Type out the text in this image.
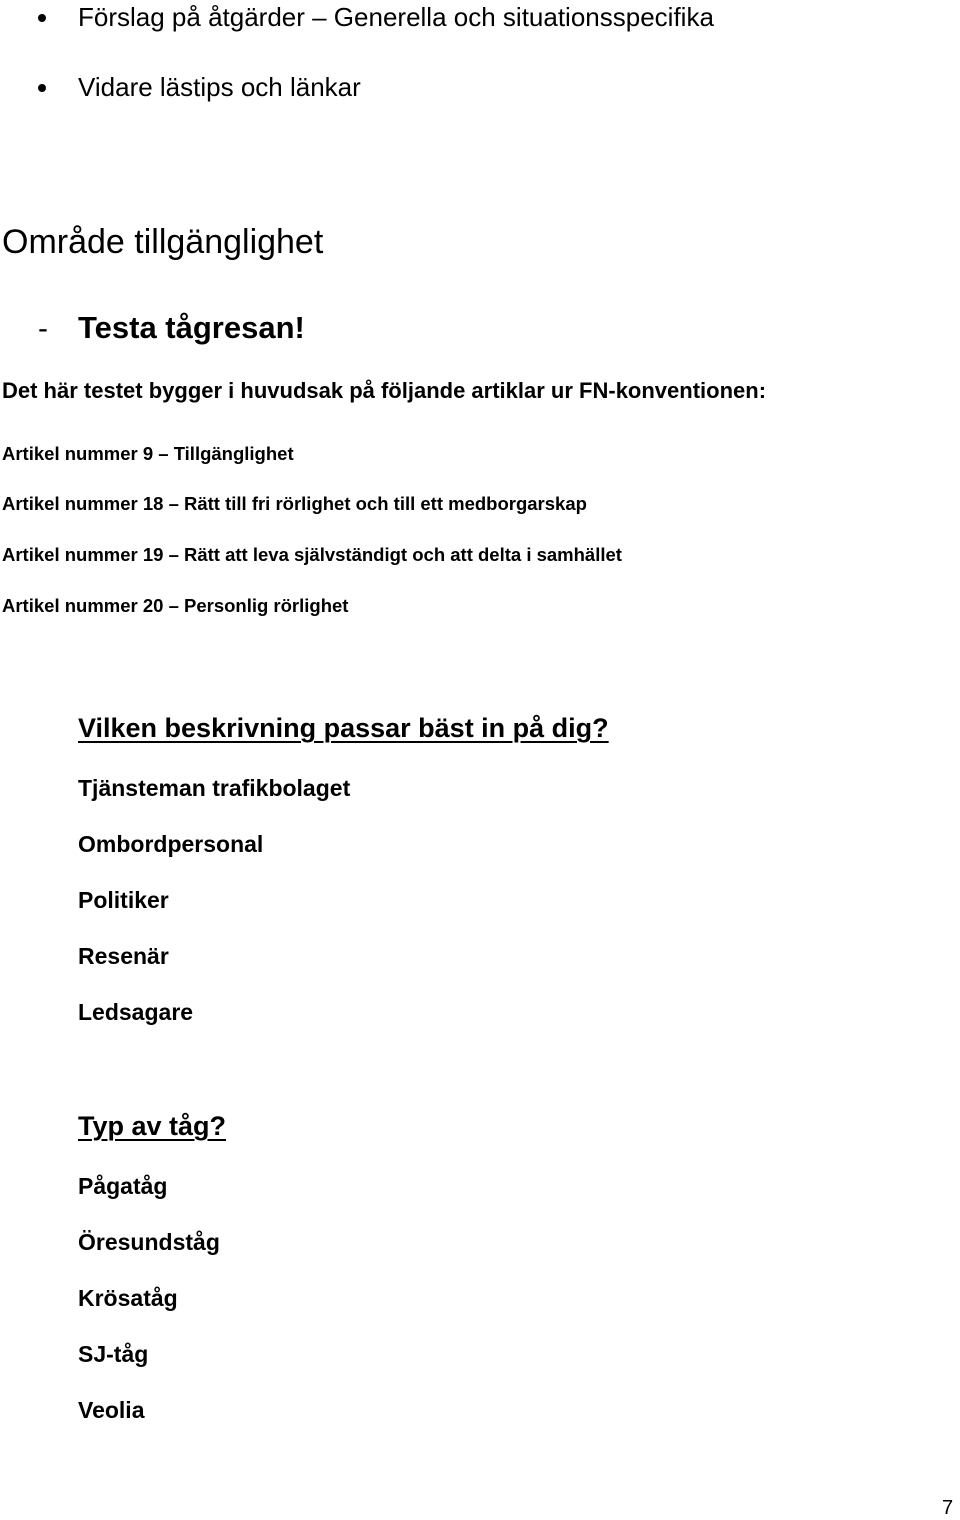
Förslag på åtgärder – Generella och situationsspecifika
Vidare lästips och länkar
Område tillgänglighet
- Testa tågresan!
Det här testet bygger i huvudsak på följande artiklar ur FN-konventionen:
Artikel nummer 9 – Tillgänglighet
Artikel nummer 18 – Rätt till fri rörlighet och till ett medborgarskap
Artikel nummer 19 – Rätt att leva självständigt och att delta i samhället
Artikel nummer 20 – Personlig rörlighet
Vilken beskrivning passar bäst in på dig?
Tjänsteman trafikbolaget
Ombordpersonal
Politiker
Resenär
Ledsagare
Typ av tåg?
Pågatåg
Öresundståg
Krösatåg
SJ-tåg
Veolia
7
